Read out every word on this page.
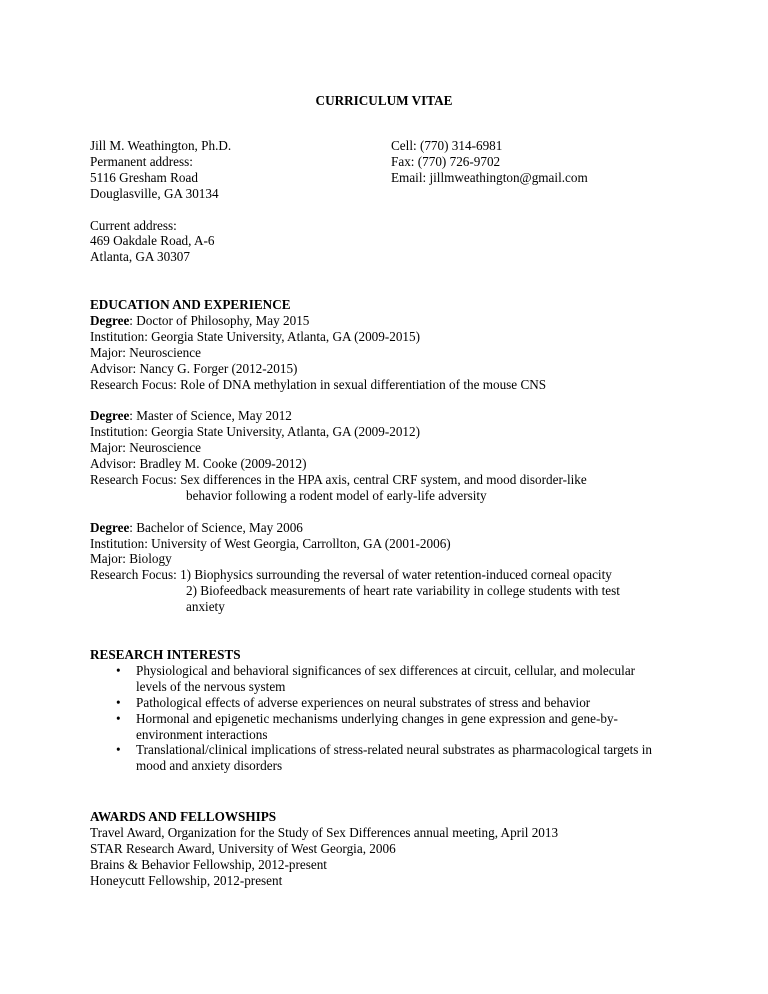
CURRICULUM VITAE
Jill M. Weathington, Ph.D.
Permanent address:
5116 Gresham Road
Douglasville, GA 30134
Current address:
469 Oakdale Road, A-6
Atlanta, GA 30307
Cell: (770) 314-6981
Fax: (770) 726-9702
Email: jillmweathington@gmail.com
EDUCATION AND EXPERIENCE
Degree: Doctor of Philosophy, May 2015
Institution: Georgia State University, Atlanta, GA (2009-2015)
Major: Neuroscience
Advisor: Nancy G. Forger (2012-2015)
Research Focus: Role of DNA methylation in sexual differentiation of the mouse CNS
Degree: Master of Science, May 2012
Institution: Georgia State University, Atlanta, GA (2009-2012)
Major: Neuroscience
Advisor: Bradley M. Cooke (2009-2012)
Research Focus: Sex differences in the HPA axis, central CRF system, and mood disorder-like
behavior following a rodent model of early-life adversity
Degree: Bachelor of Science, May 2006
Institution: University of West Georgia, Carrollton, GA (2001-2006)
Major: Biology
Research Focus: 1) Biophysics surrounding the reversal of water retention-induced corneal opacity
2) Biofeedback measurements of heart rate variability in college students with test
anxiety
RESEARCH INTERESTS
• Physiological and behavioral significances of sex differences at circuit, cellular, and molecular
levels of the nervous system
• Pathological effects of adverse experiences on neural substrates of stress and behavior
• Hormonal and epigenetic mechanisms underlying changes in gene expression and gene-by-
environment interactions
• Translational/clinical implications of stress-related neural substrates as pharmacological targets in
mood and anxiety disorders
AWARDS AND FELLOWSHIPS
Travel Award, Organization for the Study of Sex Differences annual meeting, April 2013
STAR Research Award, University of West Georgia, 2006
Brains & Behavior Fellowship, 2012-present
Honeycutt Fellowship, 2012-present
